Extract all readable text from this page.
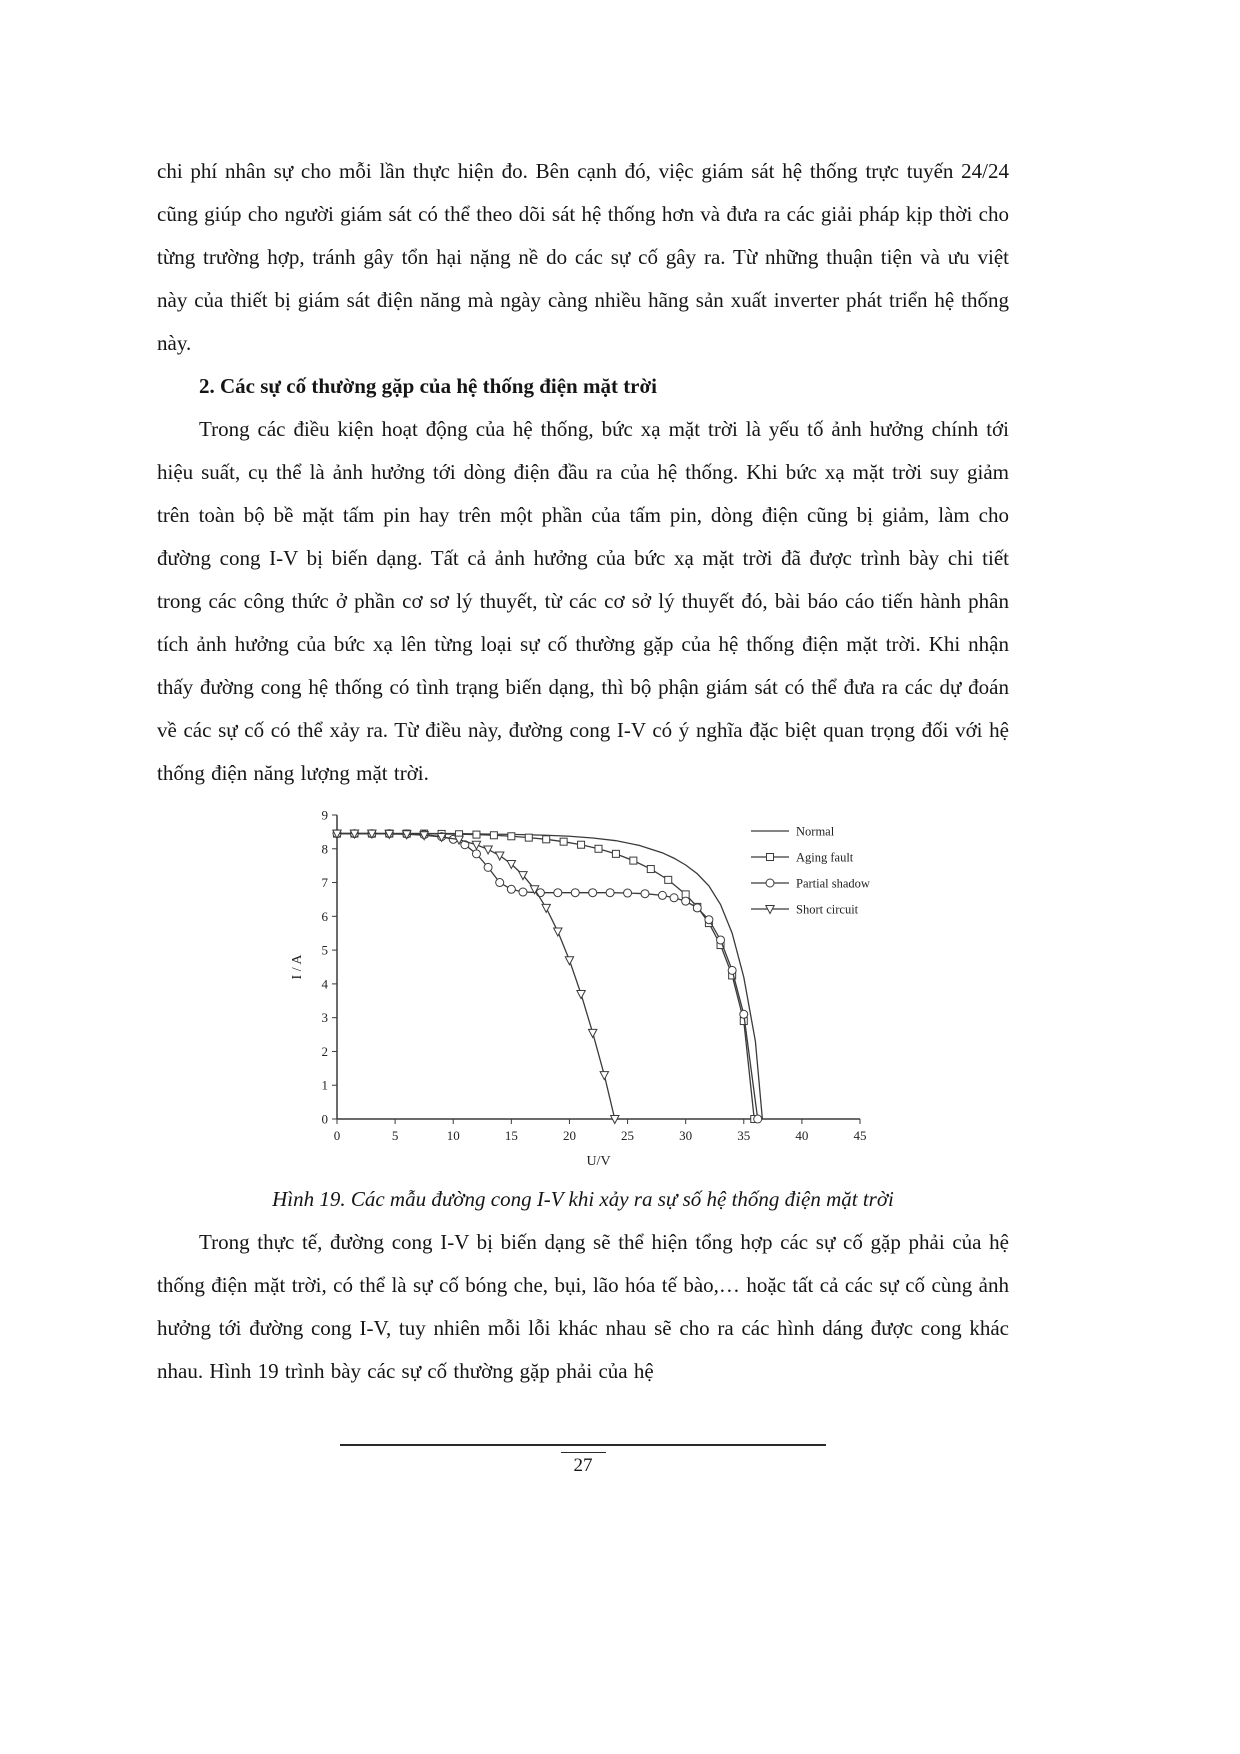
chi phí nhân sự cho mỗi lần thực hiện đo. Bên cạnh đó, việc giám sát hệ thống trực tuyến 24/24 cũng giúp cho người giám sát có thể theo dõi sát hệ thống hơn và đưa ra các giải pháp kịp thời cho từng trường hợp, tránh gây tổn hại nặng nề do các sự cố gây ra. Từ những thuận tiện và ưu việt này của thiết bị giám sát điện năng mà ngày càng nhiều hãng sản xuất inverter phát triển hệ thống này.

2. Các sự cố thường gặp của hệ thống điện mặt trời

Trong các điều kiện hoạt động của hệ thống, bức xạ mặt trời là yếu tố ảnh hưởng chính tới hiệu suất, cụ thể là ảnh hưởng tới dòng điện đầu ra của hệ thống. Khi bức xạ mặt trời suy giảm trên toàn bộ bề mặt tấm pin hay trên một phần của tấm pin, dòng điện cũng bị giảm, làm cho đường cong I-V bị biến dạng. Tất cả ảnh hưởng của bức xạ mặt trời đã được trình bày chi tiết trong các công thức ở phần cơ sơ lý thuyết, từ các cơ sở lý thuyết đó, bài báo cáo tiến hành phân tích ảnh hưởng của bức xạ lên từng loại sự cố thường gặp của hệ thống điện mặt trời. Khi nhận thấy đường cong hệ thống có tình trạng biến dạng, thì bộ phận giám sát có thể đưa ra các dự đoán về các sự cố có thể xảy ra. Từ điều này, đường cong I-V có ý nghĩa đặc biệt quan trọng đối với hệ thống điện năng lượng mặt trời.

0	5	10	15	20	25	30	35	40	45
0
1
2
3
4
5
6
7
8
9
U/V
I / A
Normal
Aging fault
Partial shadow
Short circuit

Hình 19. Các mẫu đường cong I-V khi xảy ra sự số hệ thống điện mặt trời

Trong thực tế, đường cong I-V bị biến dạng sẽ thể hiện tổng hợp các sự cố gặp phải của hệ thống điện mặt trời, có thể là sự cố bóng che, bụi, lão hóa tế bào,… hoặc tất cả các sự cố cùng ảnh hưởng tới đường cong I-V, tuy nhiên mỗi lỗi khác nhau sẽ cho ra các hình dáng được cong khác nhau. Hình 19 trình bày các sự cố thường gặp phải của hệ

27
